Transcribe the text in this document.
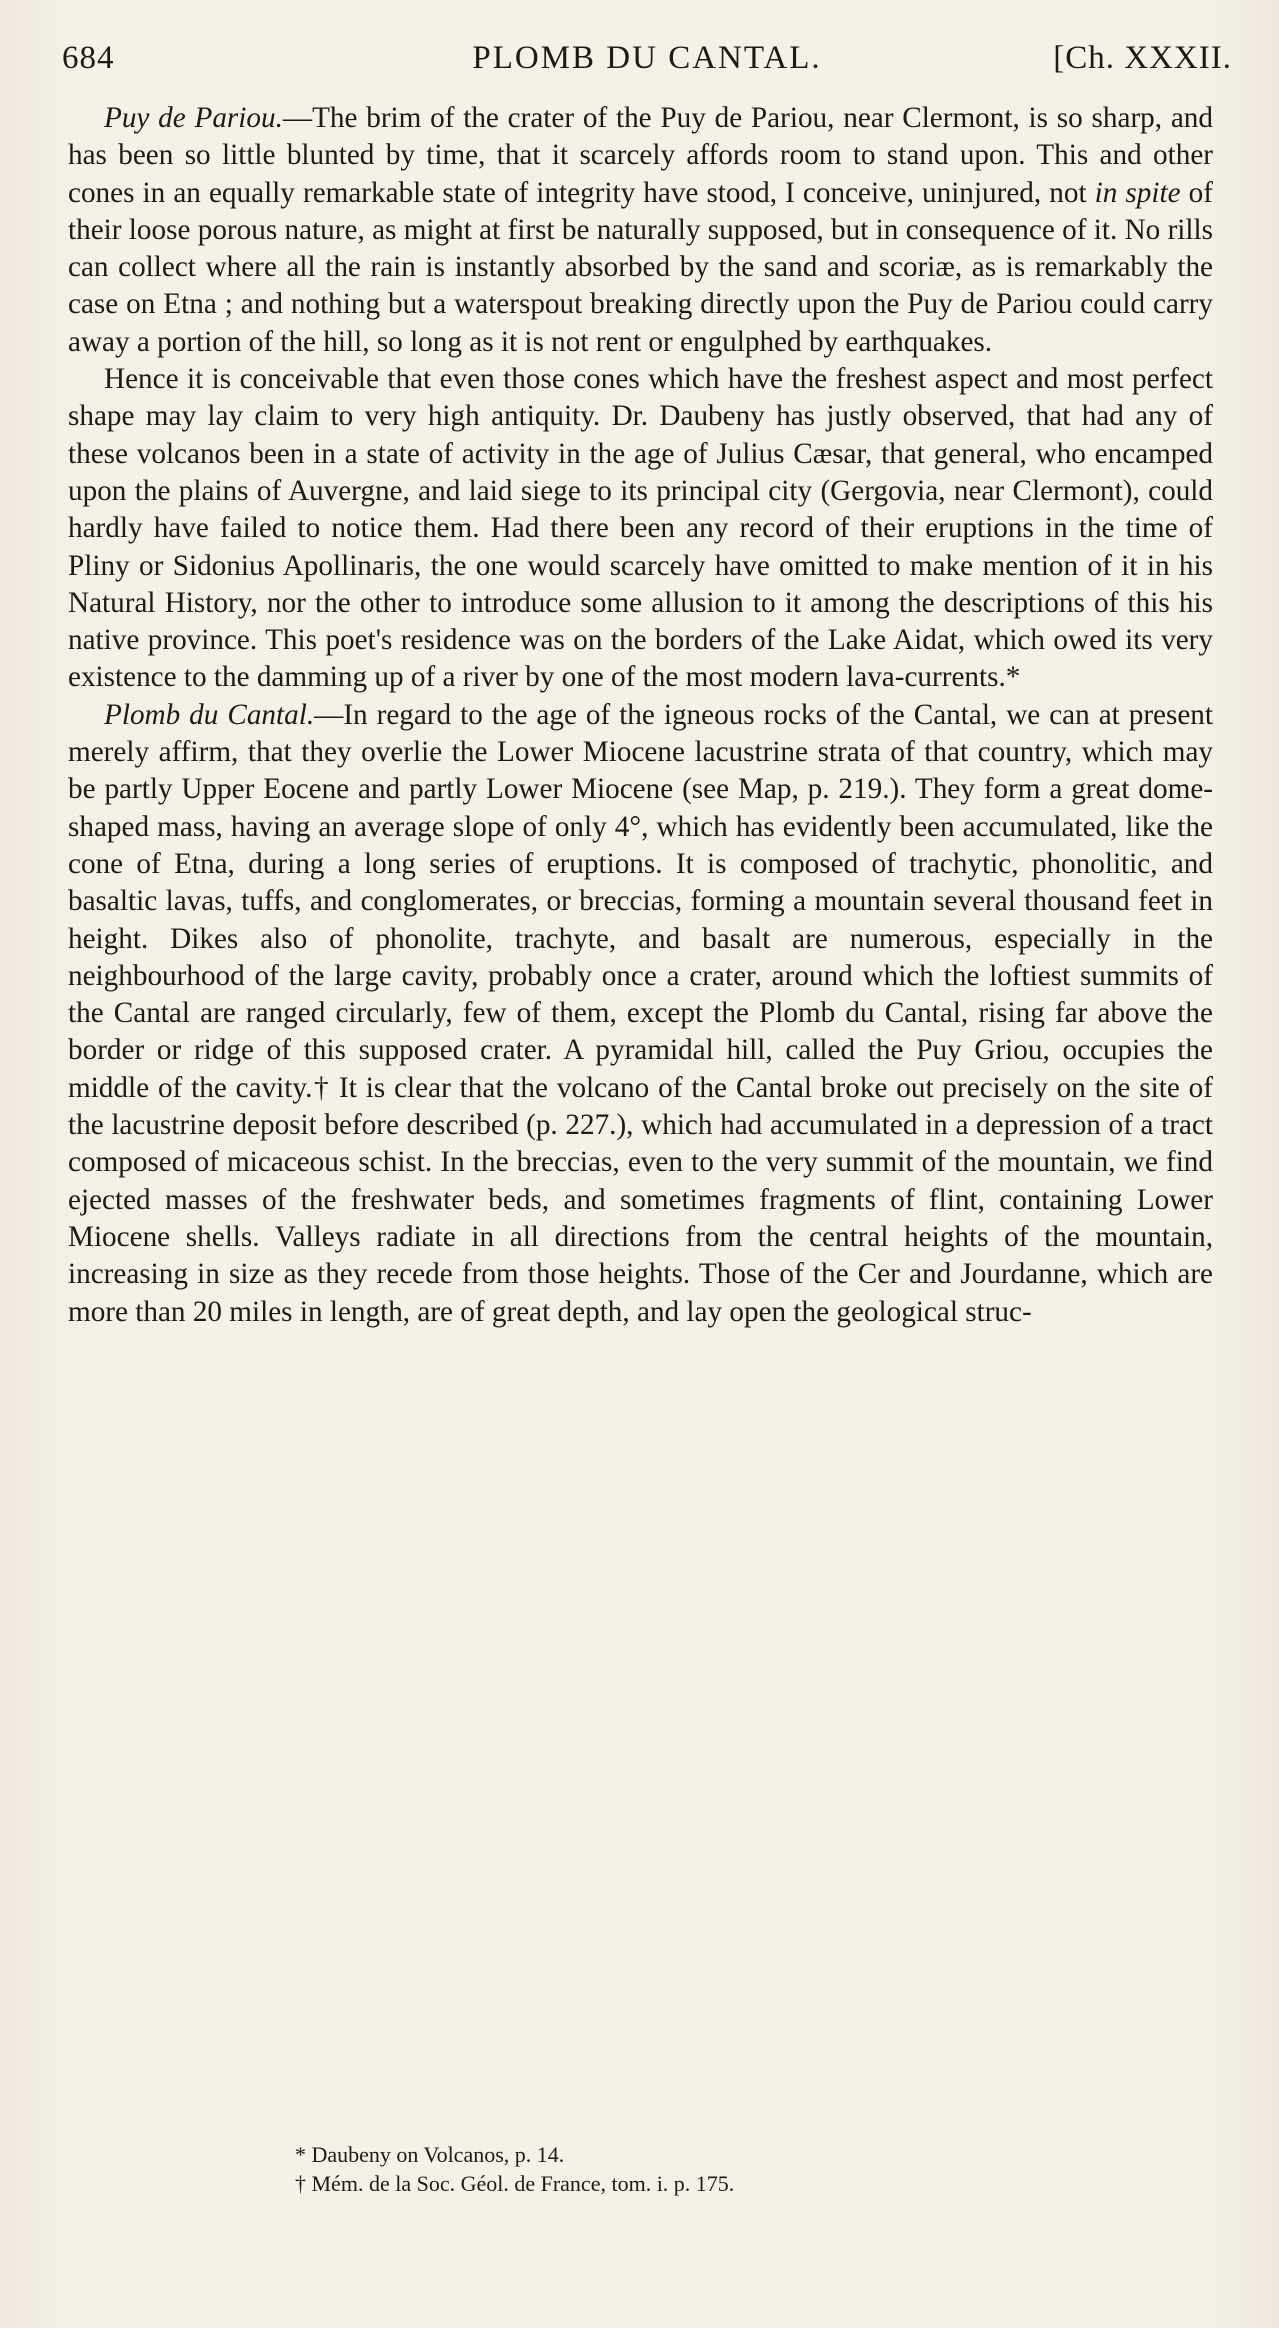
PLOMB DU CANTAL.
684	[Ch. XXXII.

Puy de Pariou.—The brim of the crater of the Puy de Pariou, near Clermont, is so sharp, and has been so little blunted by time, that it scarcely affords room to stand upon. This and other cones in an equally remarkable state of integrity have stood, I conceive, uninjured, not in spite of their loose porous nature, as might at first be naturally supposed, but in consequence of it. No rills can collect where all the rain is instantly absorbed by the sand and scoriæ, as is remarkably the case on Etna ; and nothing but a waterspout breaking directly upon the Puy de Pariou could carry away a portion of the hill, so long as it is not rent or engulphed by earthquakes.

Hence it is conceivable that even those cones which have the freshest aspect and most perfect shape may lay claim to very high antiquity. Dr. Daubeny has justly observed, that had any of these volcanos been in a state of activity in the age of Julius Cæsar, that general, who encamped upon the plains of Auvergne, and laid siege to its principal city (Gergovia, near Clermont), could hardly have failed to notice them. Had there been any record of their eruptions in the time of Pliny or Sidonius Apollinaris, the one would scarcely have omitted to make mention of it in his Natural History, nor the other to introduce some allusion to it among the descriptions of this his native province. This poet's residence was on the borders of the Lake Aidat, which owed its very existence to the damming up of a river by one of the most modern lava-currents.*

Plomb du Cantal.—In regard to the age of the igneous rocks of the Cantal, we can at present merely affirm, that they overlie the Lower Miocene lacustrine strata of that country, which may be partly Upper Eocene and partly Lower Miocene (see Map, p. 219.). They form a great dome-shaped mass, having an average slope of only 4°, which has evidently been accumulated, like the cone of Etna, during a long series of eruptions. It is composed of trachytic, phonolitic, and basaltic lavas, tuffs, and conglomerates, or breccias, forming a mountain several thousand feet in height. Dikes also of phonolite, trachyte, and basalt are numerous, especially in the neighbourhood of the large cavity, probably once a crater, around which the loftiest summits of the Cantal are ranged circularly, few of them, except the Plomb du Cantal, rising far above the border or ridge of this supposed crater. A pyramidal hill, called the Puy Griou, occupies the middle of the cavity.† It is clear that the volcano of the Cantal broke out precisely on the site of the lacustrine deposit before described (p. 227.), which had accumulated in a depression of a tract composed of micaceous schist. In the breccias, even to the very summit of the mountain, we find ejected masses of the freshwater beds, and sometimes fragments of flint, containing Lower Miocene shells. Valleys radiate in all directions from the central heights of the mountain, increasing in size as they recede from those heights. Those of the Cer and Jourdanne, which are more than 20 miles in length, are of great depth, and lay open the geological struc-

* Daubeny on Volcanos, p. 14.
† Mém. de la Soc. Géol. de France, tom. i. p. 175.
